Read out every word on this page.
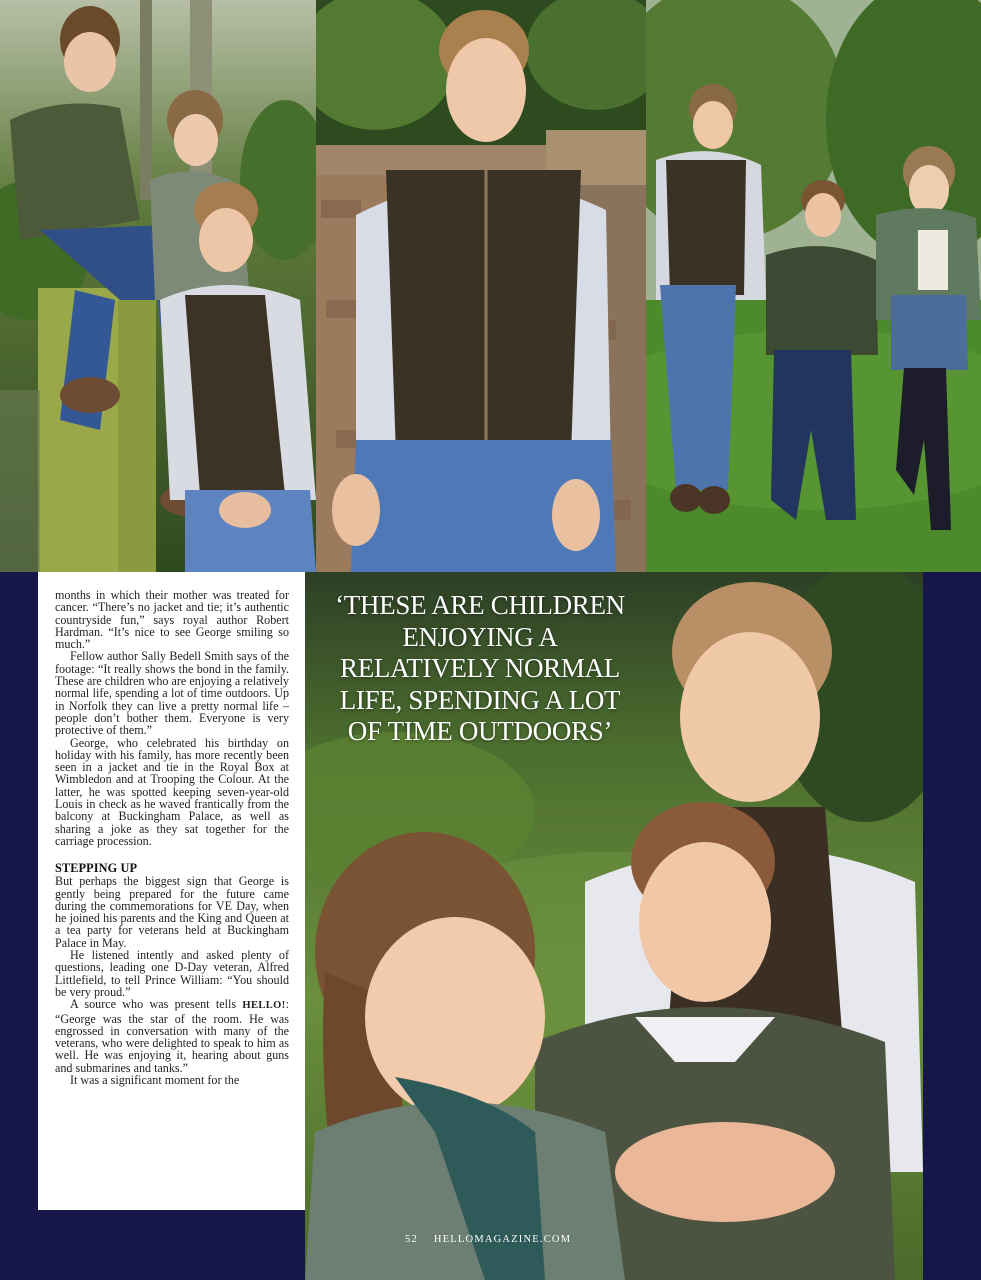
months in which their mother was treated for cancer. “There’s no jacket and tie; it’s authentic countryside fun,” says royal author Robert Hardman. “It’s nice to see George smiling so much.”

Fellow author Sally Bedell Smith says of the footage: “It really shows the bond in the family. These are children who are enjoying a relatively normal life, spending a lot of time outdoors. Up in Norfolk they can live a pretty normal life – people don’t bother them. Everyone is very protective of them.”

George, who celebrated his birthday on holiday with his family, has more recently been seen in a jacket and tie in the Royal Box at Wimbledon and at Trooping the Colour. At the latter, he was spotted keeping seven-year-old Louis in check as he waved frantically from the balcony at Buckingham Palace, as well as sharing a joke as they sat together for the carriage procession.

STEPPING UP

But perhaps the biggest sign that George is gently being prepared for the future came during the commemorations for VE Day, when he joined his parents and the King and Queen at a tea party for veterans held at Buckingham Palace in May.

He listened intently and asked plenty of questions, leading one D-Day veteran, Alfred Littlefield, to tell Prince William: “You should be very proud.”

A source who was present tells HELLO!: “George was the star of the room. He was engrossed in conversation with many of the veterans, who were delighted to speak to him as well. He was enjoying it, hearing about guns and submarines and tanks.”

It was a significant moment for the

‘THESE ARE CHILDREN ENJOYING A RELATIVELY NORMAL LIFE, SPENDING A LOT OF TIME OUTDOORS’
52 HELLOMAGAZINE.COM
